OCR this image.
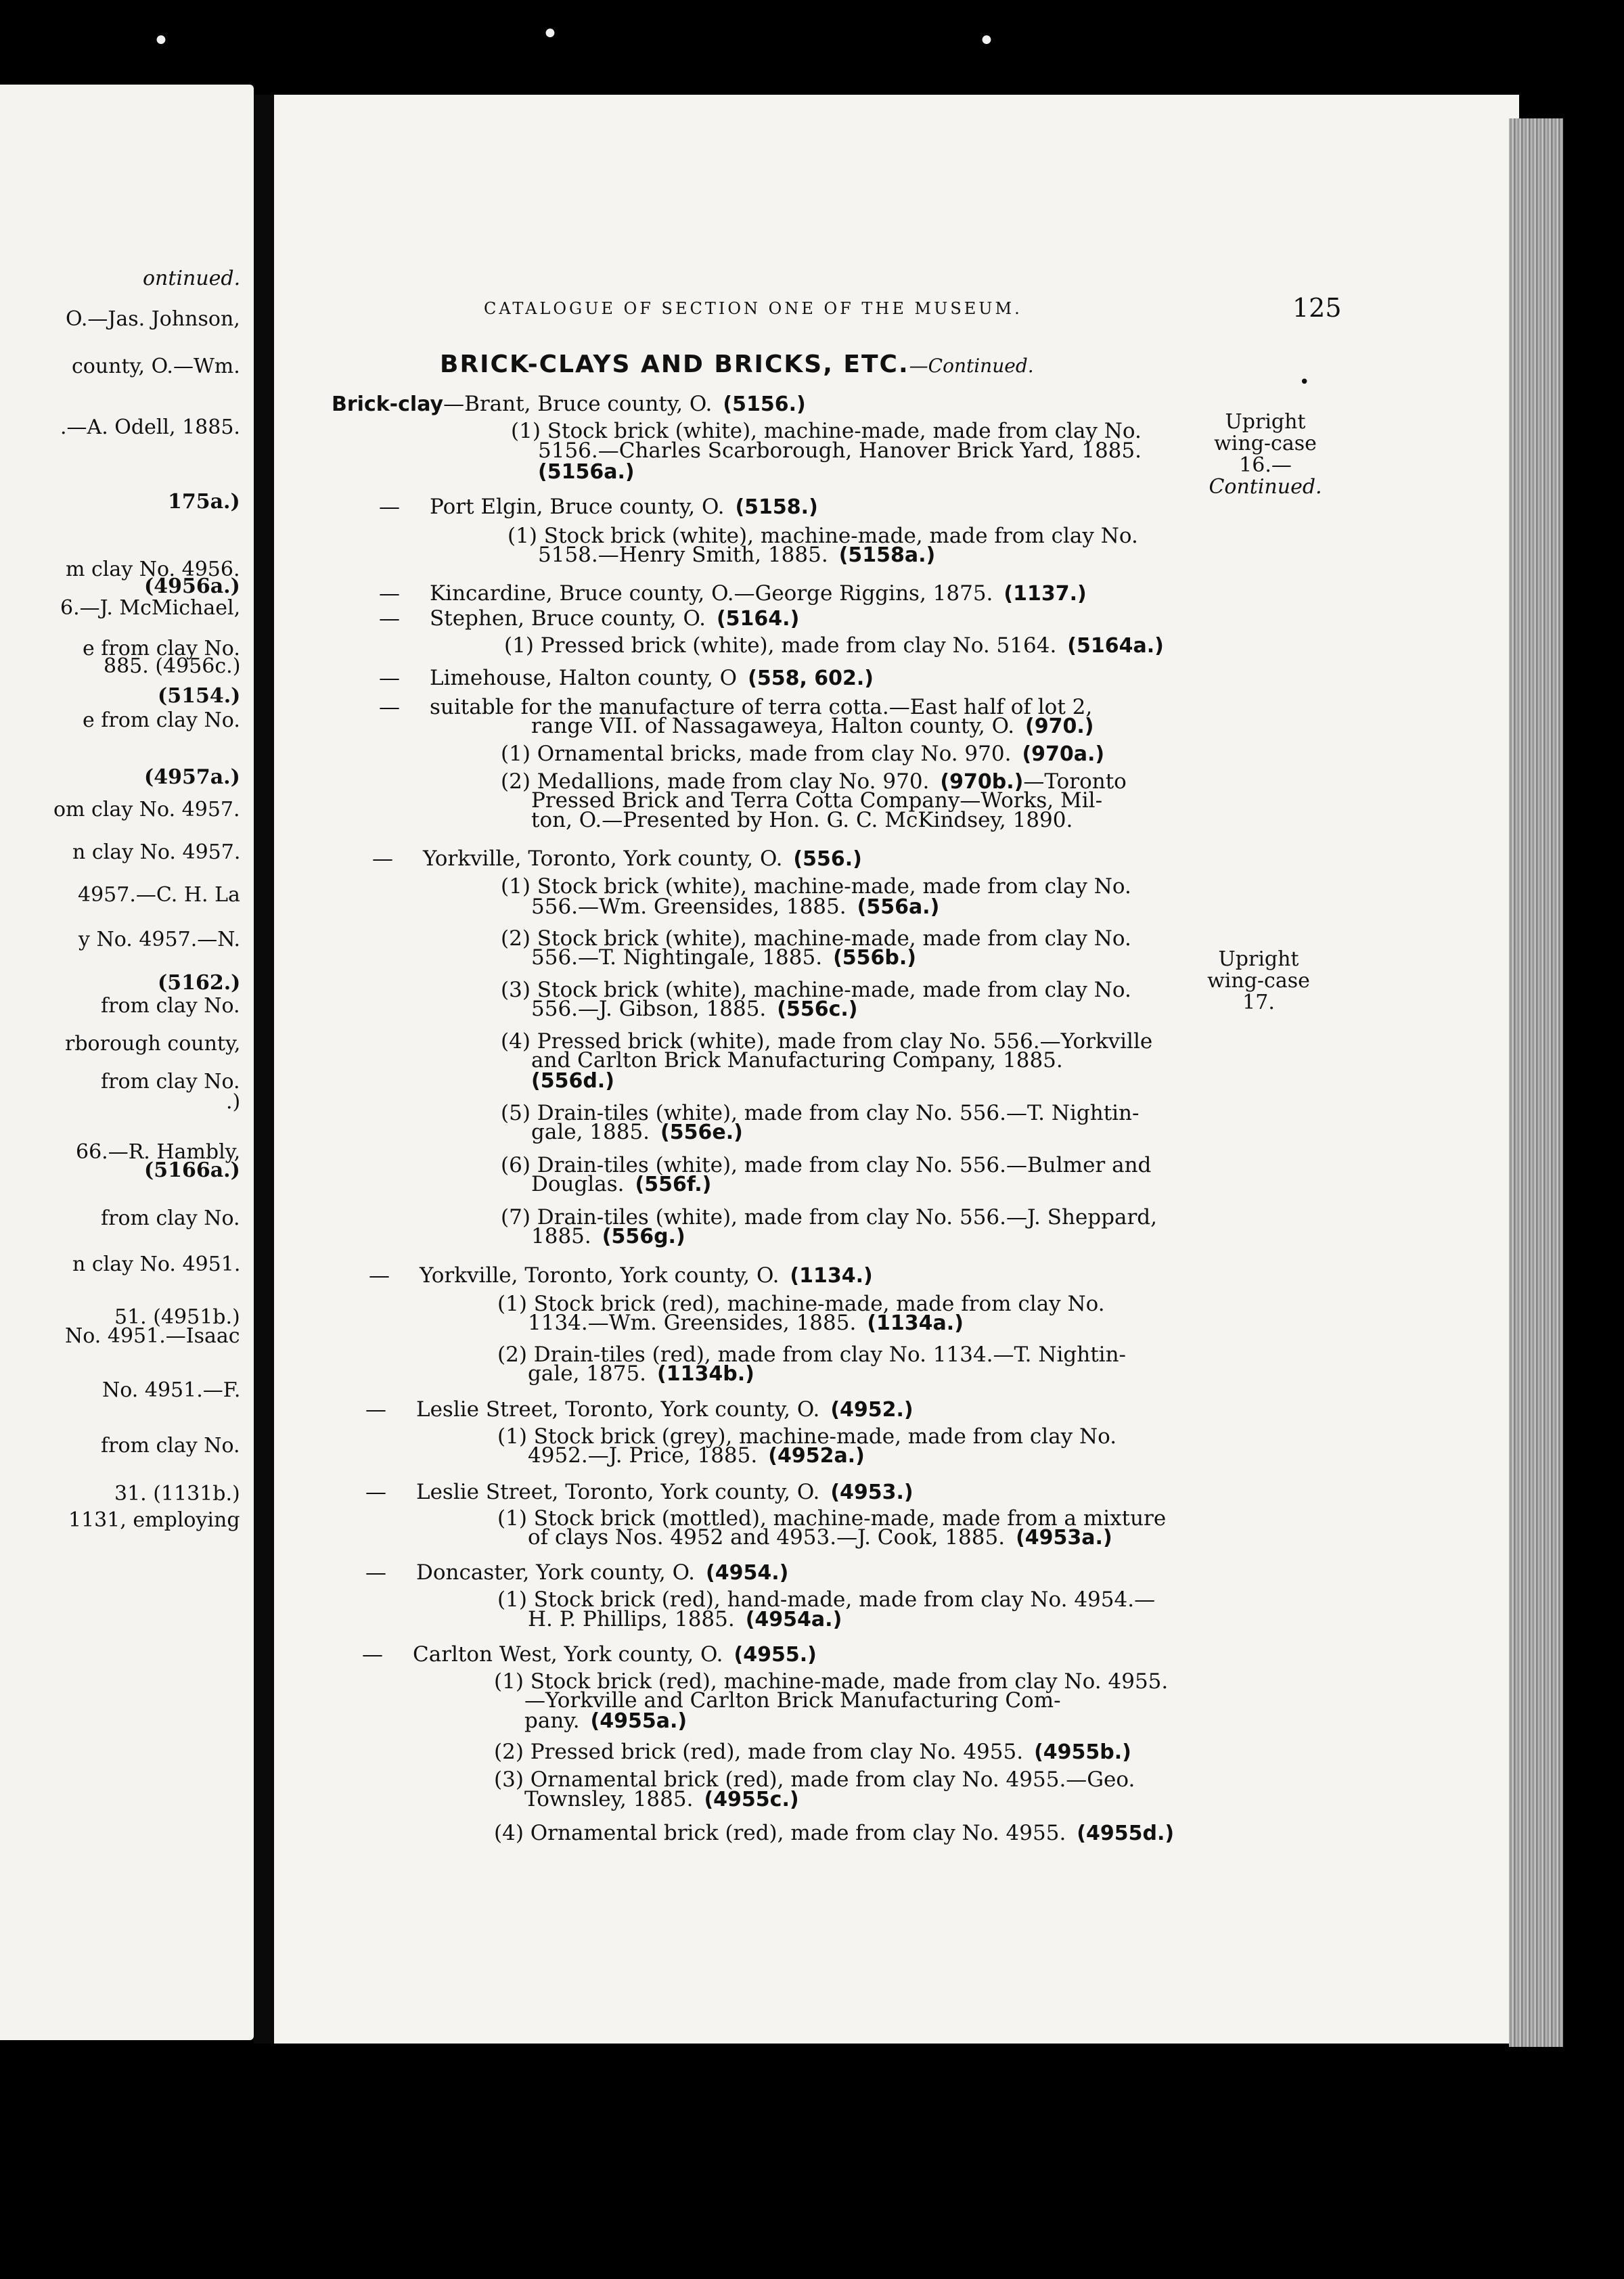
•	•	•
ontinued.
O.—Jas. Johnson,
county, O.—Wm.
.—A. Odell, 1885.
175a.)
m clay No. 4956.
(4956a.)
6.—J. McMichael,
e from clay No.
885. (4956c.)
(5154.)
e from clay No.
(4957a.)
om clay No. 4957.
n clay No. 4957.
4957.—C. H. La
y No. 4957.—N.
(5162.)
from clay No.
rborough county,
from clay No.
.)
66.—R. Hambly,
(5166a.)
from clay No.
n clay No. 4951.
51. (4951b.)
No. 4951.—Isaac
No. 4951.—F.
from clay No.
31. (1131b.)
1131, employing
CATALOGUE OF SECTION ONE OF THE MUSEUM.	125
BRICK-CLAYS AND BRICKS, ETC.—Continued.
•
Upright
wing-case
16.—
Continued.
Upright
wing-case
17.
Brick-clay—Brant, Bruce county, O. (5156.)
(1) Stock brick (white), machine-made, made from clay No.
5156.—Charles Scarborough, Hanover Brick Yard, 1885.
(5156a.)
— Port Elgin, Bruce county, O. (5158.)
(1) Stock brick (white), machine-made, made from clay No.
5158.—Henry Smith, 1885. (5158a.)
— Kincardine, Bruce county, O.—George Riggins, 1875. (1137.)
— Stephen, Bruce county, O. (5164.)
(1) Pressed brick (white), made from clay No. 5164. (5164a.)
— Limehouse, Halton county, O (558, 602.)
— suitable for the manufacture of terra cotta.—East half of lot 2,
range VII. of Nassagaweya, Halton county, O. (970.)
(1) Ornamental bricks, made from clay No. 970. (970a.)
(2) Medallions, made from clay No. 970. (970b.)—Toronto
Pressed Brick and Terra Cotta Company—Works, Mil-
ton, O.—Presented by Hon. G. C. McKindsey, 1890.
— Yorkville, Toronto, York county, O. (556.)
(1) Stock brick (white), machine-made, made from clay No.
556.—Wm. Greensides, 1885. (556a.)
(2) Stock brick (white), machine-made, made from clay No.
556.—T. Nightingale, 1885. (556b.)
(3) Stock brick (white), machine-made, made from clay No.
556.—J. Gibson, 1885. (556c.)
(4) Pressed brick (white), made from clay No. 556.—Yorkville
and Carlton Brick Manufacturing Company, 1885.
(556d.)
(5) Drain-tiles (white), made from clay No. 556.—T. Nightin-
gale, 1885. (556e.)
(6) Drain-tiles (white), made from clay No. 556.—Bulmer and
Douglas. (556f.)
(7) Drain-tiles (white), made from clay No. 556.—J. Sheppard,
1885. (556g.)
— Yorkville, Toronto, York county, O. (1134.)
(1) Stock brick (red), machine-made, made from clay No.
1134.—Wm. Greensides, 1885. (1134a.)
(2) Drain-tiles (red), made from clay No. 1134.—T. Nightin-
gale, 1875. (1134b.)
— Leslie Street, Toronto, York county, O. (4952.)
(1) Stock brick (grey), machine-made, made from clay No.
4952.—J. Price, 1885. (4952a.)
— Leslie Street, Toronto, York county, O. (4953.)
(1) Stock brick (mottled), machine-made, made from a mixture
of clays Nos. 4952 and 4953.—J. Cook, 1885. (4953a.)
— Doncaster, York county, O. (4954.)
(1) Stock brick (red), hand-made, made from clay No. 4954.—
H. P. Phillips, 1885. (4954a.)
— Carlton West, York county, O. (4955.)
(1) Stock brick (red), machine-made, made from clay No. 4955.
—Yorkville and Carlton Brick Manufacturing Com-
pany. (4955a.)
(2) Pressed brick (red), made from clay No. 4955. (4955b.)
(3) Ornamental brick (red), made from clay No. 4955.—Geo.
Townsley, 1885. (4955c.)
(4) Ornamental brick (red), made from clay No. 4955. (4955d.)
